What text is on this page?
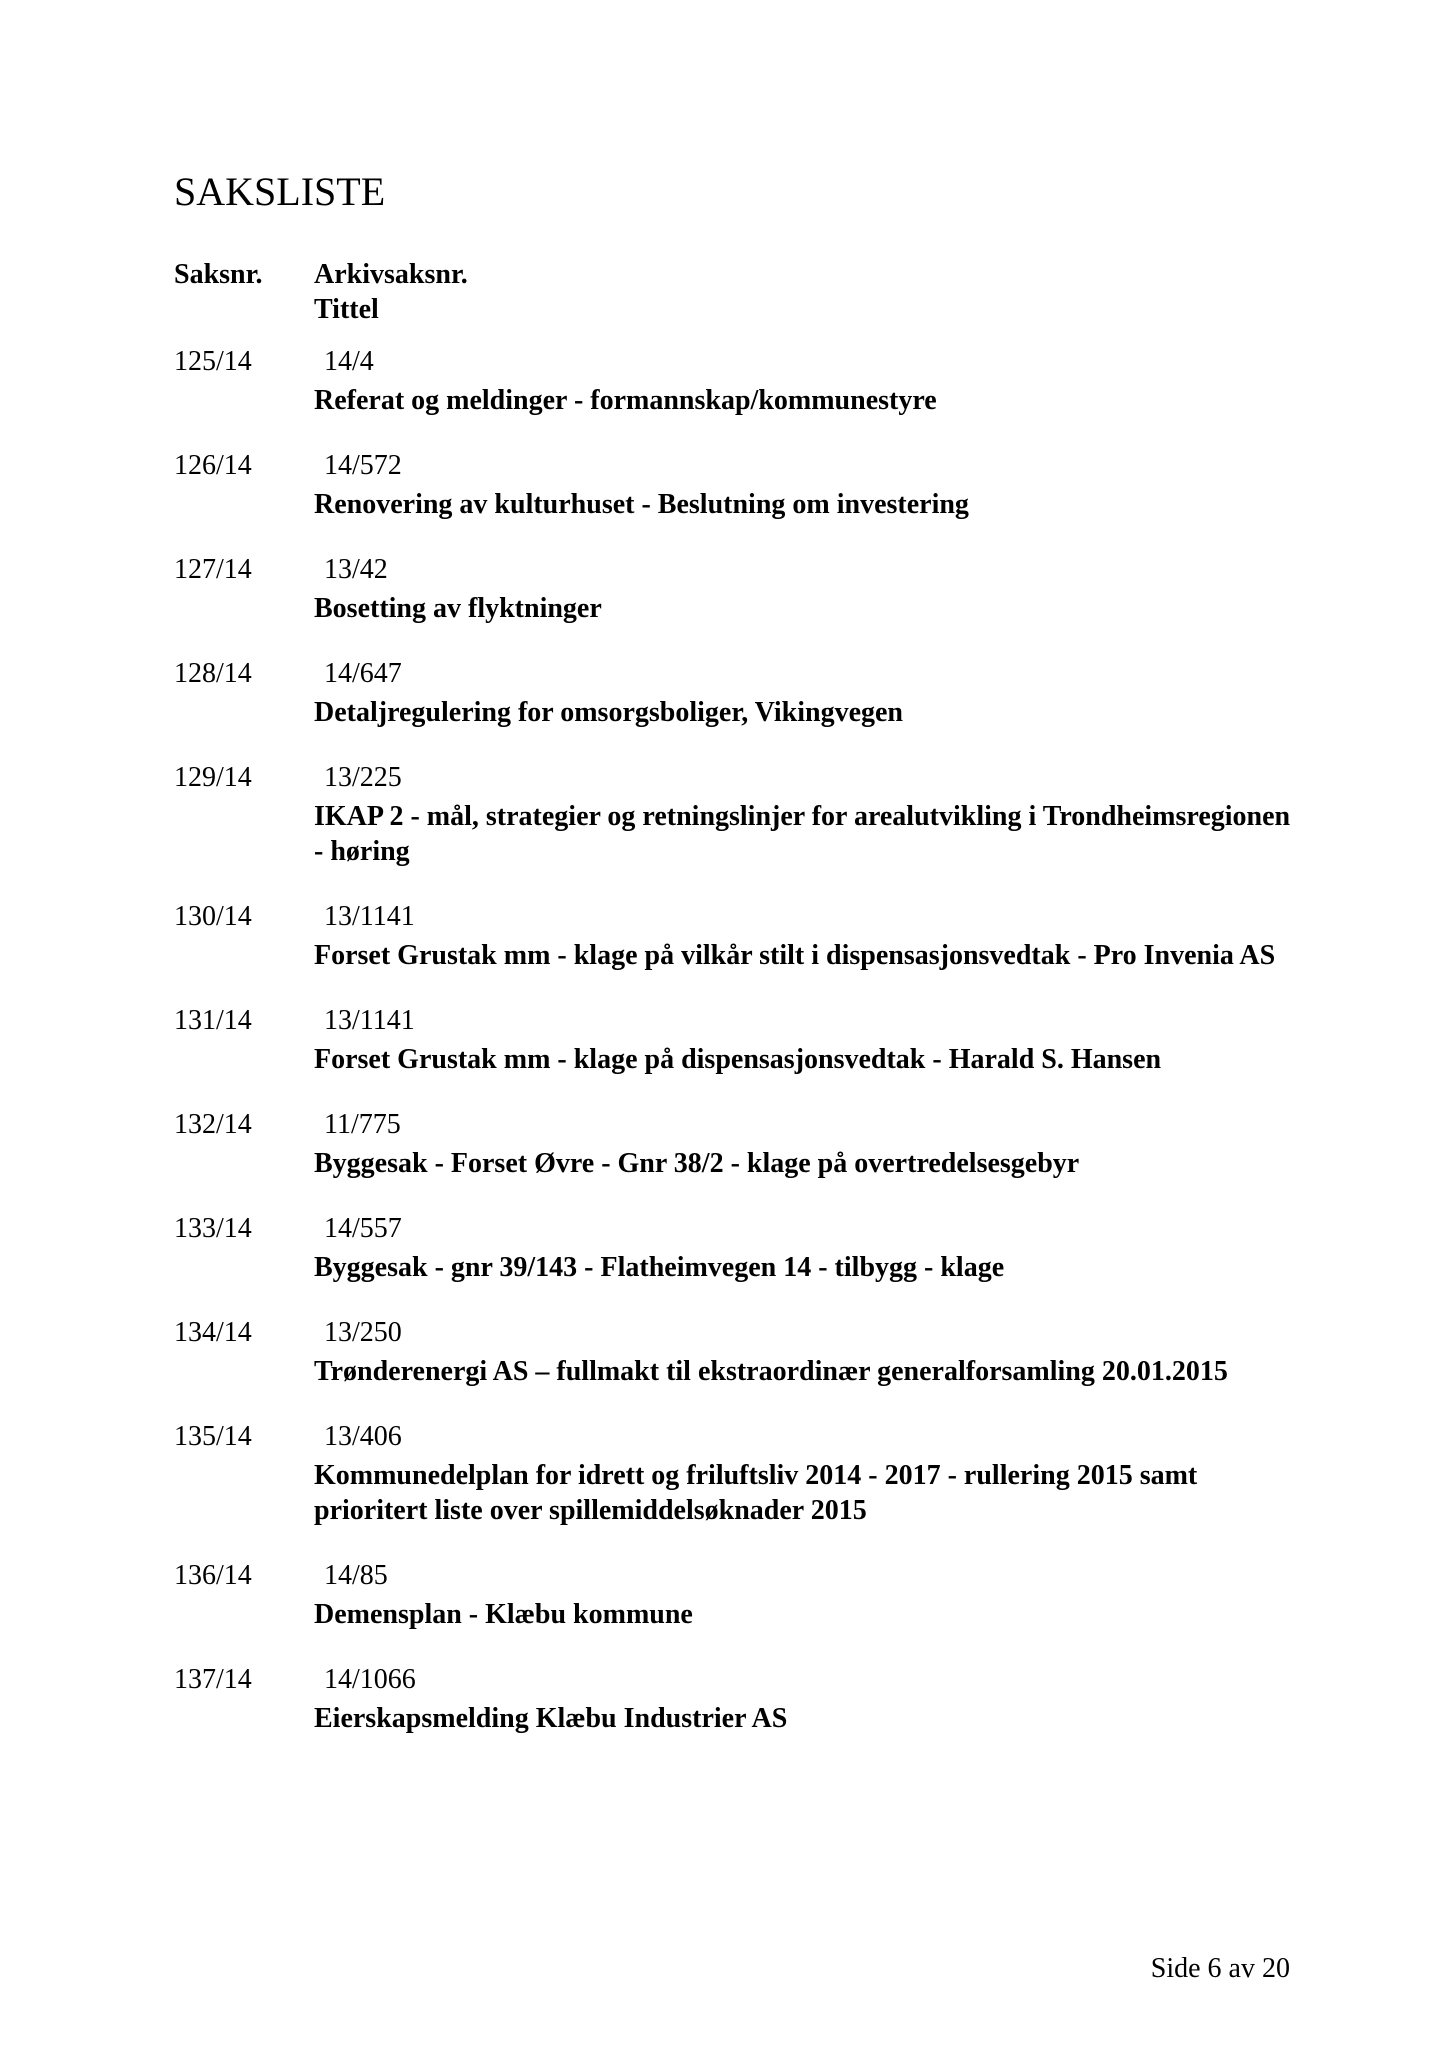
SAKSLISTE
Saksnr. Arkivsaksnr.
Tittel
125/14	14/4
Referat og meldinger - formannskap/kommunestyre
126/14	14/572
Renovering av kulturhuset - Beslutning om investering
127/14	13/42
Bosetting av flyktninger
128/14	14/647
Detaljregulering for omsorgsboliger, Vikingvegen
129/14	13/225
IKAP 2 - mål, strategier og retningslinjer for arealutvikling i Trondheimsregionen - høring
130/14	13/1141
Forset Grustak mm - klage på vilkår stilt i dispensasjonsvedtak - Pro Invenia AS
131/14	13/1141
Forset Grustak mm - klage på dispensasjonsvedtak - Harald S. Hansen
132/14	11/775
Byggesak - Forset Øvre - Gnr 38/2 - klage på overtredelsesgebyr
133/14	14/557
Byggesak - gnr 39/143 - Flatheimvegen 14 - tilbygg - klage
134/14	13/250
Trønderenergi AS – fullmakt til ekstraordinær generalforsamling 20.01.2015
135/14	13/406
Kommunedelplan for idrett og friluftsliv 2014 - 2017 - rullering 2015 samt prioritert liste over spillemiddelsøknader 2015
136/14	14/85
Demensplan - Klæbu kommune
137/14	14/1066
Eierskapsmelding Klæbu Industrier AS
Side 6 av 20
